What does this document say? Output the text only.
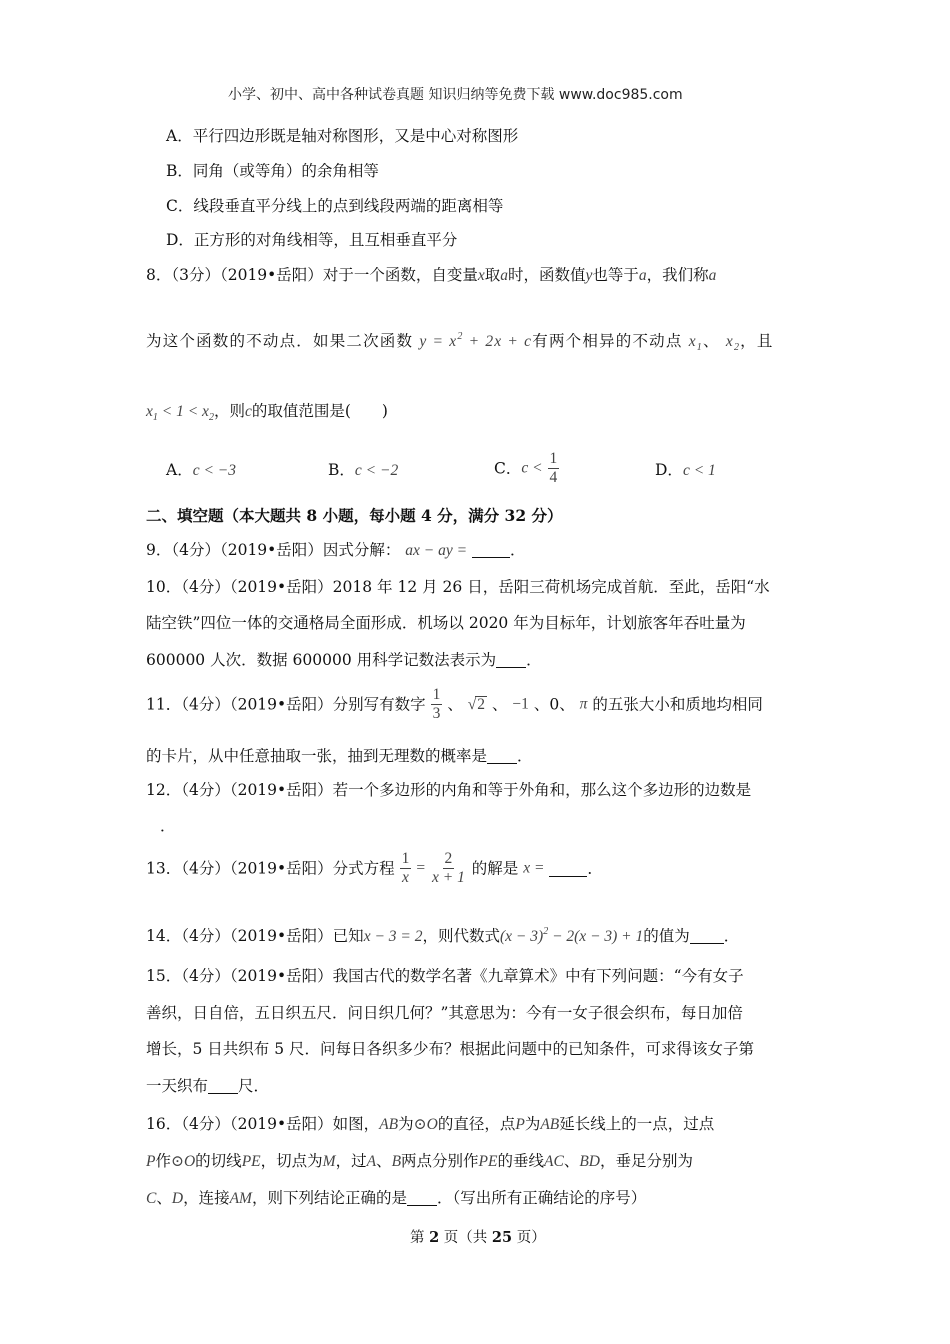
小学、初中、高中各种试卷真题 知识归纳等免费下载 www.doc985.com
A．平行四边形既是轴对称图形，又是中心对称图形
B．同角（或等角）的余角相等
C．线段垂直平分线上的点到线段两端的距离相等
D．正方形的对角线相等，且互相垂直平分
8．（3分）（2019•岳阳）对于一个函数，自变量x取a时，函数值y也等于a，我们称a
为这个函数的不动点．如果二次函数 $y = x^2 + 2x + c$有两个相异的不动点 $x_1$、 $x_2$，且
$x_1 < 1 < x_2$，则c的取值范围是(　　)
A．c < −3	B．c < −2	C．$c < \frac{1}{4}$	D．c < 1
二、填空题（本大题共 8 小题，每小题 4 分，满分 32 分）
9．（4分）（2019•岳阳）因式分解： ax − ay =	．
10．（4分）（2019•岳阳）2018 年 12 月 26 日，岳阳三荷机场完成首航．至此，岳阳“水
陆空铁”四位一体的交通格局全面形成．机场以 2020 年为目标年，计划旅客年吞吐量为
600000 人次．数据 600000 用科学记数法表示为 ．
11．（4分）（2019•岳阳）分别写有数字 $\frac{1}{3}$ 、 √2 、 −1 、0、 π 的五张大小和质地均相同
的卡片，从中任意抽取一张，抽到无理数的概率是 ．
12．（4分）（2019•岳阳）若一个多边形的内角和等于外角和，那么这个多边形的边数是
．
13．（4分）（2019•岳阳）分式方程 $\frac{1}{x} = \frac{2}{x + 1}$ 的解是 x =	．
14．（4分）（2019•岳阳）已知x − 3 = 2，则代数式$(x - 3)^2 - 2(x - 3) + 1$的值为 ．
15．（4分）（2019•岳阳）我国古代的数学名著《九章算术》中有下列问题：“今有女子
善织，日自倍，五日织五尺．问日织几何？”其意思为：今有一女子很会织布，每日加倍
增长，5 日共织布 5 尺．问每日各织多少布？根据此问题中的已知条件，可求得该女子第
一天织布 尺．
16．（4分）（2019•岳阳）如图，AB为⊙O的直径，点P为AB延长线上的一点，过点
P作⊙O的切线PE，切点为M，过A、B两点分别作PE的垂线AC、BD，垂足分别为
C、D，连接AM，则下列结论正确的是 ．（写出所有正确结论的序号）
第 2 页（共 25 页）
